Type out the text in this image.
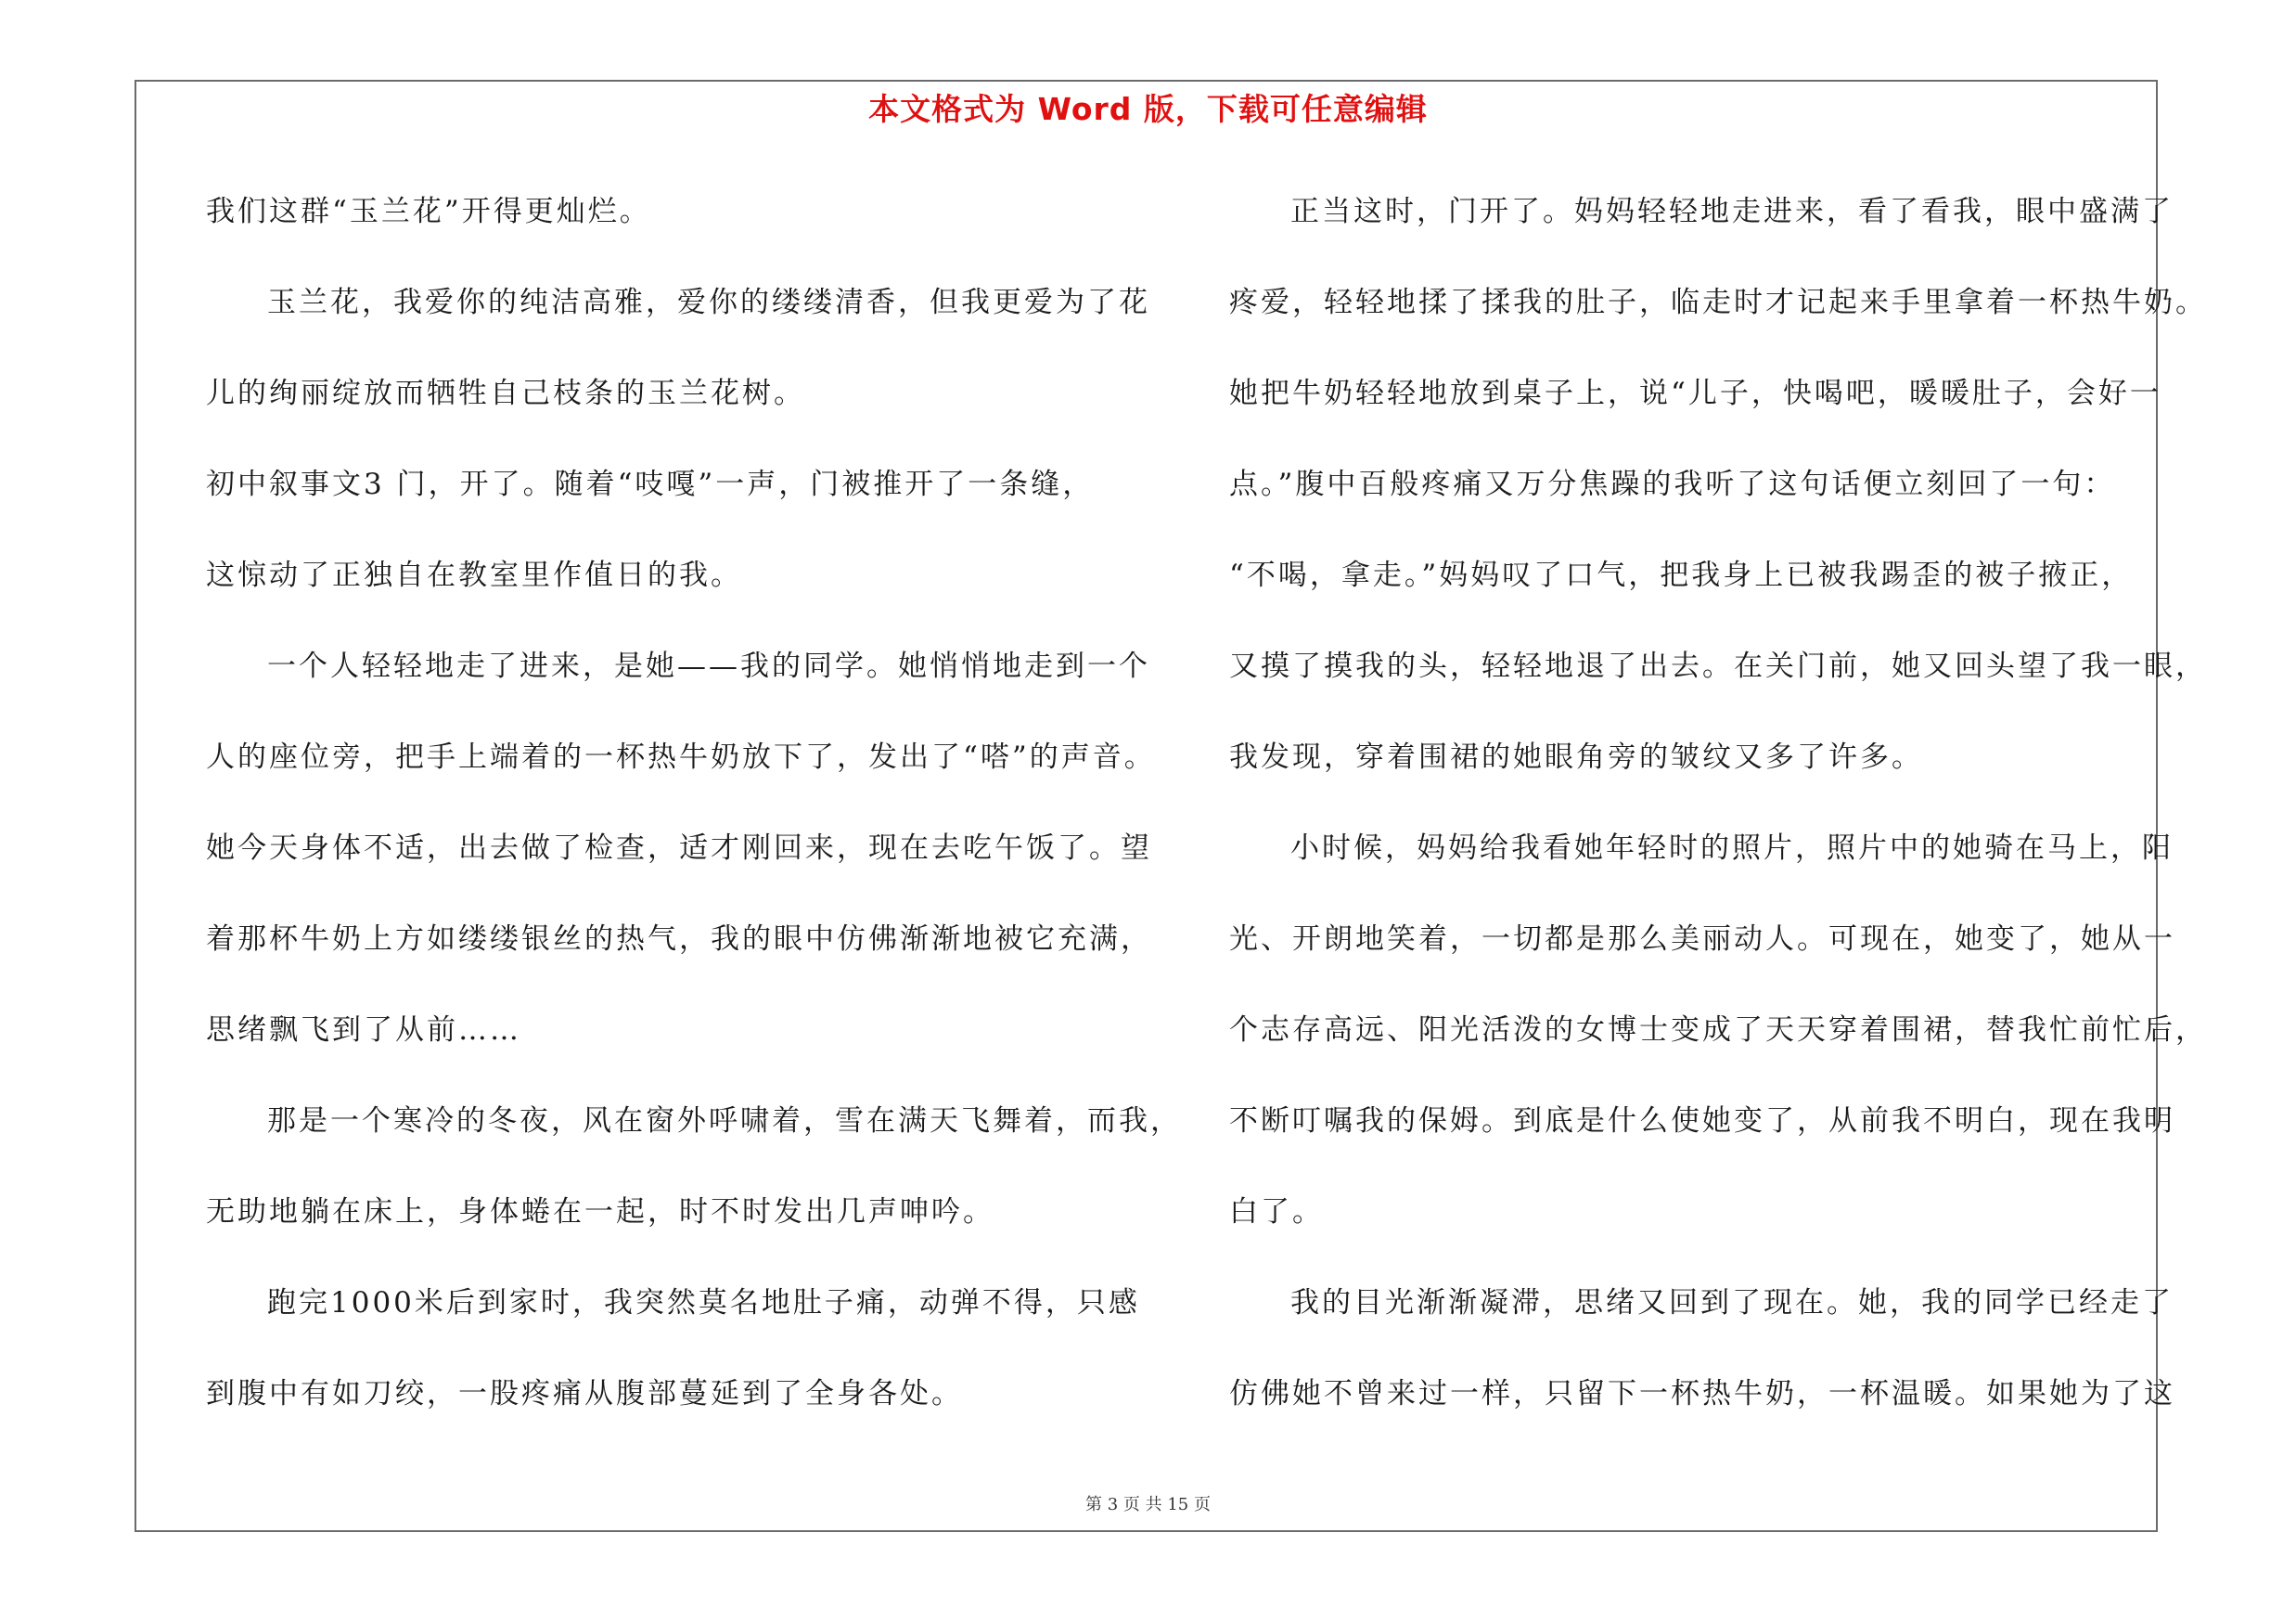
本文格式为 Word 版，下载可任意编辑
我们这群“玉兰花”开得更灿烂。
玉兰花，我爱你的纯洁高雅，爱你的缕缕清香，但我更爱为了花
儿的绚丽绽放而牺牲自己枝条的玉兰花树。
初中叙事文3 门，开了。随着“吱嘎”一声，门被推开了一条缝，
这惊动了正独自在教室里作值日的我。
一个人轻轻地走了进来，是她——我的同学。她悄悄地走到一个
人的座位旁，把手上端着的一杯热牛奶放下了，发出了“嗒”的声音。
她今天身体不适，出去做了检查，适才刚回来，现在去吃午饭了。望
着那杯牛奶上方如缕缕银丝的热气，我的眼中仿佛渐渐地被它充满，
思绪飘飞到了从前……
那是一个寒冷的冬夜，风在窗外呼啸着，雪在满天飞舞着，而我，
无助地躺在床上，身体蜷在一起，时不时发出几声呻吟。
跑完1000米后到家时，我突然莫名地肚子痛，动弹不得，只感
到腹中有如刀绞，一股疼痛从腹部蔓延到了全身各处。
正当这时，门开了。妈妈轻轻地走进来，看了看我，眼中盛满了
疼爱，轻轻地揉了揉我的肚子，临走时才记起来手里拿着一杯热牛奶。
她把牛奶轻轻地放到桌子上，说“儿子，快喝吧，暖暖肚子，会好一
点。”腹中百般疼痛又万分焦躁的我听了这句话便立刻回了一句：
“不喝，拿走。”妈妈叹了口气，把我身上已被我踢歪的被子掖正，
又摸了摸我的头，轻轻地退了出去。在关门前，她又回头望了我一眼，
我发现，穿着围裙的她眼角旁的皱纹又多了许多。
小时候，妈妈给我看她年轻时的照片，照片中的她骑在马上，阳
光、开朗地笑着，一切都是那么美丽动人。可现在，她变了，她从一
个志存高远、阳光活泼的女博士变成了天天穿着围裙，替我忙前忙后，
不断叮嘱我的保姆。到底是什么使她变了，从前我不明白，现在我明
白了。
我的目光渐渐凝滞，思绪又回到了现在。她，我的同学已经走了
仿佛她不曾来过一样，只留下一杯热牛奶，一杯温暖。如果她为了这
第 3 页 共 15 页
